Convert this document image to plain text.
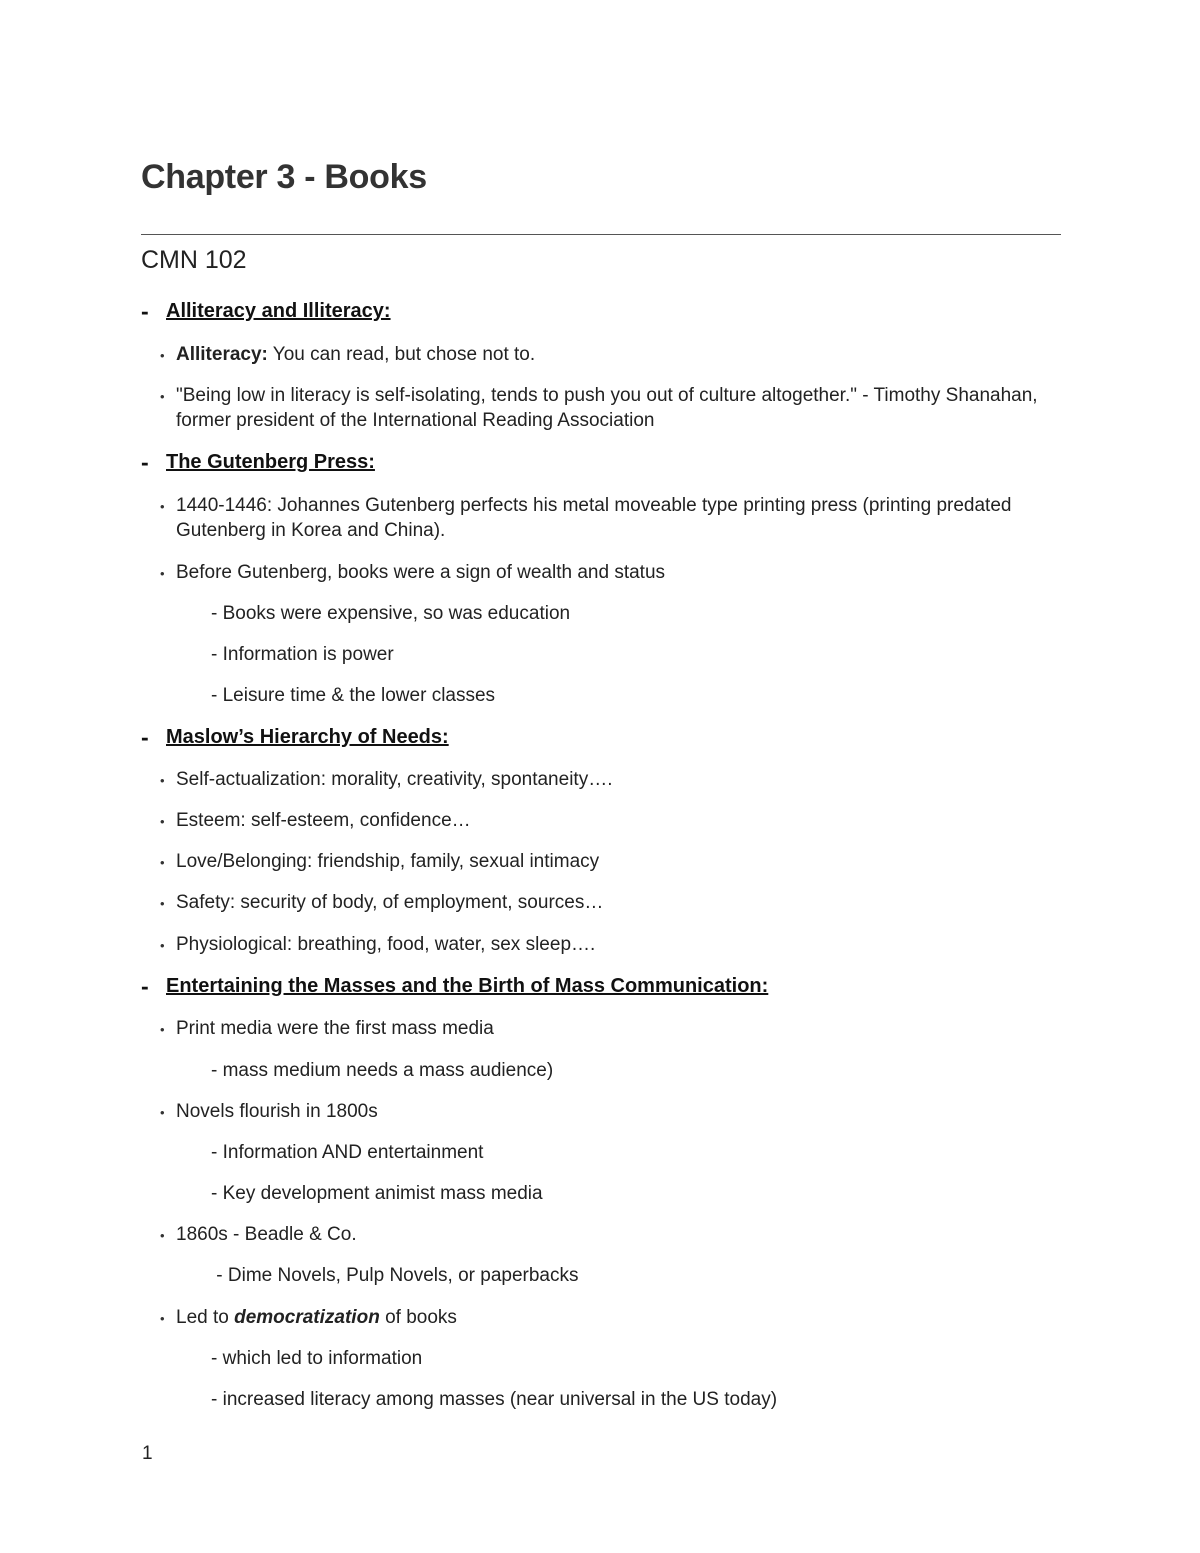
Chapter 3 - Books
CMN 102
- Alliteracy and Illiteracy:
• Alliteracy: You can read, but chose not to.
• "Being low in literacy is self-isolating, tends to push you out of culture altogether." - Timothy Shanahan, former president of the International Reading Association
- The Gutenberg Press:
• 1440-1446: Johannes Gutenberg perfects his metal moveable type printing press (printing predated Gutenberg in Korea and China).
• Before Gutenberg, books were a sign of wealth and status
- Books were expensive, so was education
- Information is power
- Leisure time & the lower classes
- Maslow’s Hierarchy of Needs:
• Self-actualization: morality, creativity, spontaneity….
• Esteem: self-esteem, confidence…
• Love/Belonging: friendship, family, sexual intimacy
• Safety: security of body, of employment, sources…
• Physiological: breathing, food, water, sex sleep….
- Entertaining the Masses and the Birth of Mass Communication:
• Print media were the first mass media
- mass medium needs a mass audience)
• Novels flourish in 1800s
- Information AND entertainment
- Key development animist mass media
• 1860s - Beadle & Co.
- Dime Novels, Pulp Novels, or paperbacks
• Led to democratization of books
- which led to information
- increased literacy among masses (near universal in the US today)
1
